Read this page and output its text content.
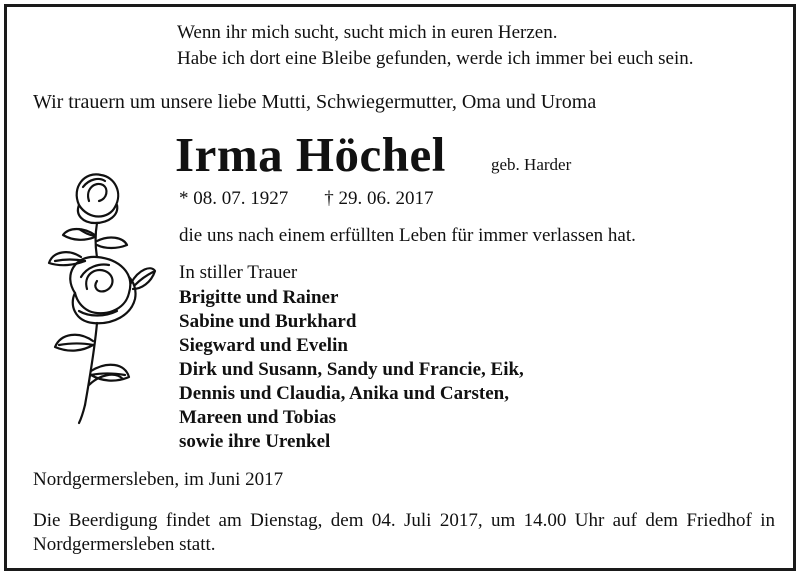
Wenn ihr mich sucht, sucht mich in euren Herzen.
Habe ich dort eine Bleibe gefunden, werde ich immer bei euch sein.
Wir trauern um unsere liebe Mutti, Schwiegermutter, Oma und Uroma
Irma Höchel	geb. Harder
* 08. 07. 1927 † 29. 06. 2017
die uns nach einem erfüllten Leben für immer verlassen hat.
In stiller Trauer
Brigitte und Rainer
Sabine und Burkhard
Siegward und Evelin
Dirk und Susann, Sandy und Francie, Eik,
Dennis und Claudia, Anika und Carsten,
Mareen und Tobias
sowie ihre Urenkel
Nordgermersleben, im Juni 2017
Die Beerdigung findet am Dienstag, dem 04. Juli 2017, um 14.00 Uhr auf dem Friedhof in Nordgermersleben statt.
